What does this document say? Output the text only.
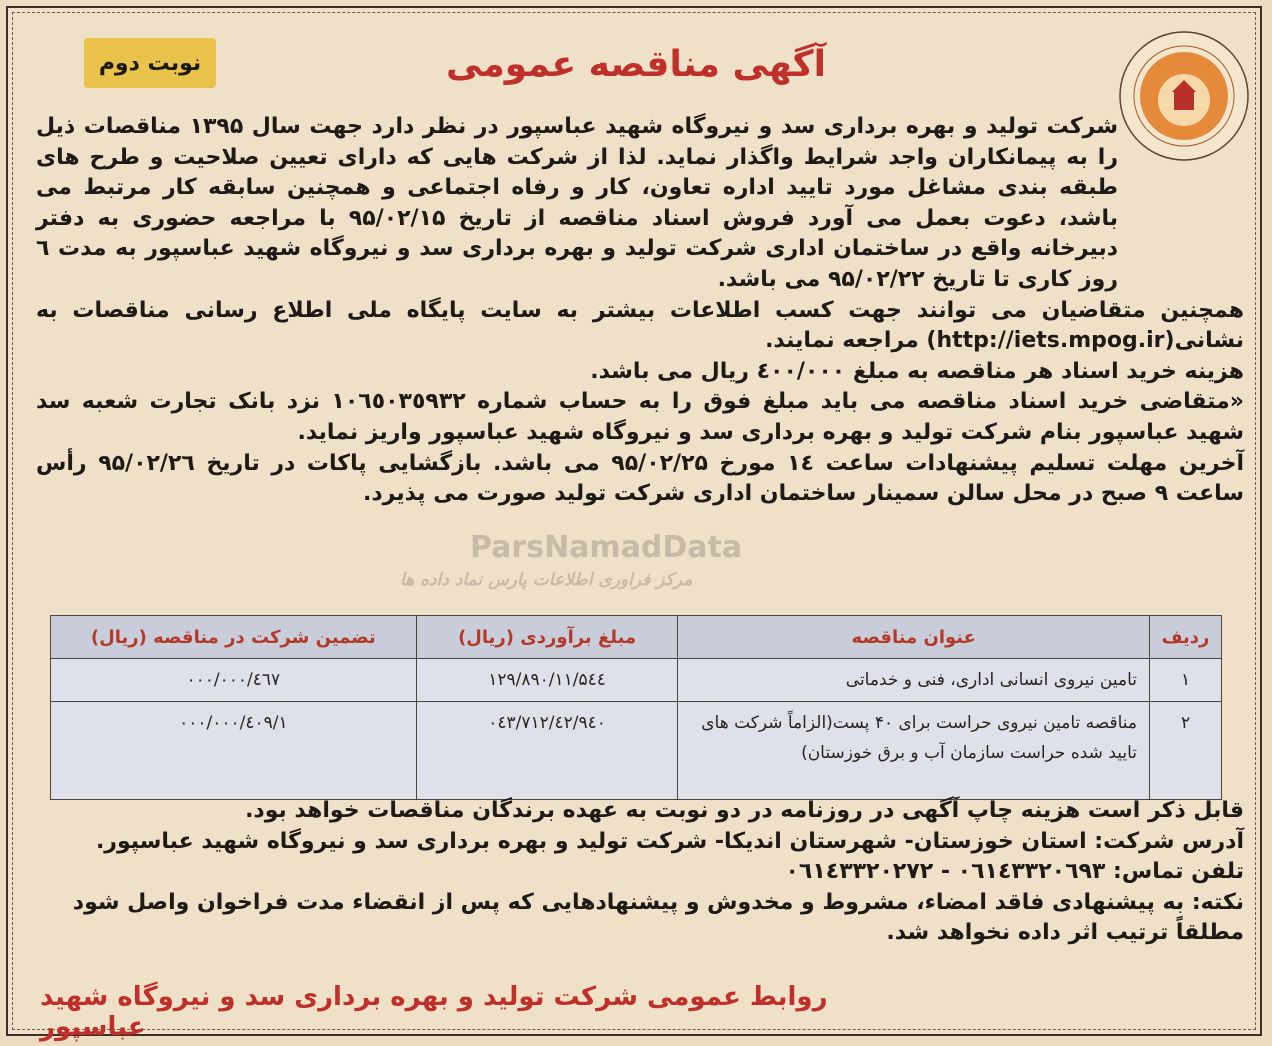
نوبت دوم	آگهی مناقصه عمومی

شرکت تولید و بهره برداری سد و نیروگاه شهید عباسپور در نظر دارد جهت سال ۱۳۹۵ مناقصات ذیل را به پیمانکاران واجد شرایط واگذار نماید. لذا از شرکت هایی که دارای تعیین صلاحیت و طرح های طبقه بندی مشاغل مورد تایید اداره تعاون، کار و رفاه اجتماعی و همچنین سابقه کار مرتبط می باشد، دعوت بعمل می آورد فروش اسناد مناقصه از تاریخ ۹۵/۰۲/۱۵ با مراجعه حضوری به دفتر دبیرخانه واقع در ساختمان اداری شرکت تولید و بهره برداری سد و نیروگاه شهید عباسپور به مدت ٦ روز کاری تا تاریخ ۹۵/۰۲/۲۲ می باشد.

همچنین متقاضیان می توانند جهت کسب اطلاعات بیشتر به سایت پایگاه ملی اطلاع رسانی مناقصات به نشانی(http://iets.mpog.ir) مراجعه نمایند.

هزینه خرید اسناد هر مناقصه به مبلغ ٤٠٠/٠٠٠ ریال می باشد.

«متقاضی خرید اسناد مناقصه می باید مبلغ فوق را به حساب شماره ۱۰٦٥٠٣٥٩٣٢ نزد بانک تجارت شعبه سد شهید عباسپور بنام شرکت تولید و بهره برداری سد و نیروگاه شهید عباسپور واریز نماید.

آخرین مهلت تسلیم پیشنهادات ساعت ١٤ مورخ ۹۵/۰۲/۲۵ می باشد. بازگشایی پاکات در تاریخ ۹۵/۰۲/۲٦ رأس ساعت ۹ صبح در محل سالن سمینار ساختمان اداری شرکت تولید صورت می پذیرد.

ParsNamadData
مرکز فراوری اطلاعات پارس نماد داده ها
ردیف	عنوان مناقصه	مبلغ برآوردی (ریال)	تضمین شرکت در مناقصه (ریال)
۱	تامین نیروی انسانی اداری، فنی و خدماتی	۱۱/۵٤٤/۱۲۹/۸۹۰	٤٦۷/٠٠٠/٠٠٠
۲	مناقصه تامین نیروی حراست برای ۴۰ پست(الزاماً شرکت های تایید شده حراست سازمان آب و برق خوزستان)	٤۲/۹٤٠/۷۱۲/٠٤۳	۱/٤٠۹/٠٠٠/٠٠٠

قابل ذکر است هزینه چاپ آگهی در روزنامه در دو نوبت به عهده برندگان مناقصات خواهد بود.

آدرس شرکت: استان خوزستان- شهرستان اندیکا- شرکت تولید و بهره برداری سد و نیروگاه شهید عباسپور.

تلفن تماس: ٠٦١٤۳۳۲٠٦۹۳ - ٠٦١٤۳۳۲٠۲۷۲

نکته: به پیشنهادی فاقد امضاء، مشروط و مخدوش و پیشنهادهایی که پس از انقضاء مدت فراخوان واصل شود مطلقاً ترتیب اثر داده نخواهد شد.

روابط عمومی شرکت تولید و بهره برداری سد و نیروگاه شهید عباسپور
